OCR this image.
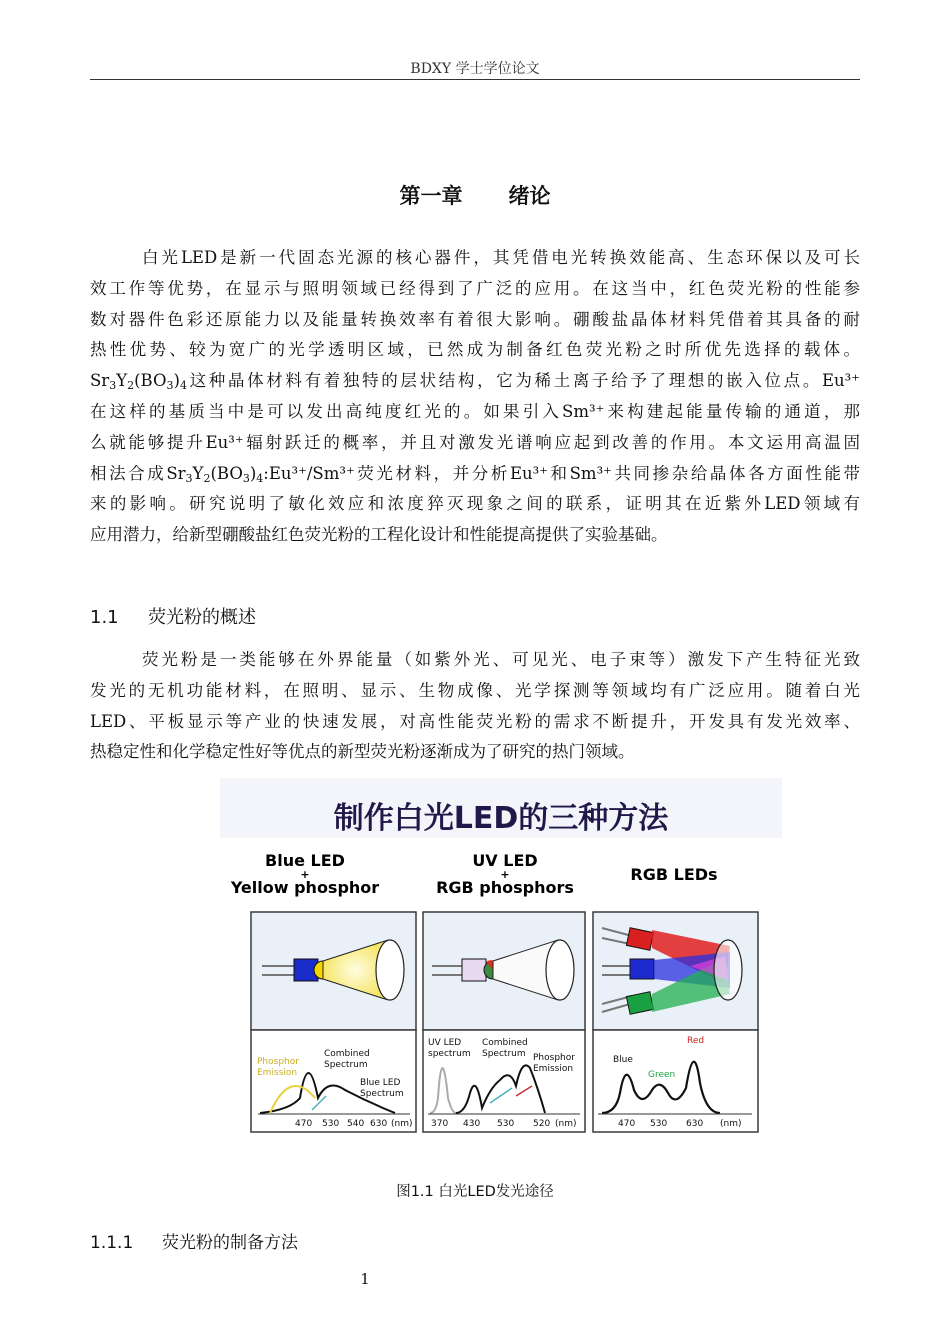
BDXY 学士学位论文
第一章 绪论
白光LED是新一代固态光源的核心器件，其凭借电光转换效能高、生态环保以及可长
效工作等优势，在显示与照明领域已经得到了广泛的应用。在这当中，红色荧光粉的性能参
数对器件色彩还原能力以及能量转换效率有着很大影响。硼酸盐晶体材料凭借着其具备的耐
热性优势、较为宽广的光学透明区域，已然成为制备红色荧光粉之时所优先选择的载体。
$Sr_3Y_2(BO_3)_4$这种晶体材料有着独特的层状结构，它为稀土离子给予了理想的嵌入位点。Eu³⁺
在这样的基质当中是可以发出高纯度红光的。如果引入Sm³⁺来构建起能量传输的通道，那
么就能够提升Eu³⁺辐射跃迁的概率，并且对激发光谱响应起到改善的作用。本文运用高温固
相法合成$Sr_3Y_2(BO_3)_4:Eu^{3+}/Sm^{3+}$荧光材料，并分析Eu³⁺和Sm³⁺共同掺杂给晶体各方面性能带
来的影响。研究说明了敏化效应和浓度猝灭现象之间的联系，证明其在近紫外LED领域有
应用潜力，给新型硼酸盐红色荧光粉的工程化设计和性能提高提供了实验基础。
1.1 荧光粉的概述
荧光粉是一类能够在外界能量（如紫外光、可见光、电子束等）激发下产生特征光致
发光的无机功能材料，在照明、显示、生物成像、光学探测等领域均有广泛应用。随着白光
LED、平板显示等产业的快速发展，对高性能荧光粉的需求不断提升，开发具有发光效率、
热稳定性和化学稳定性好等优点的新型荧光粉逐渐成为了研究的热门领域。
制作白光LED的三种方法
Blue LED
+
Yellow phosphor
UV LED
+
RGB phosphors
RGB LEDs
Phosphor
Emission
Combined
Spectrum
Blue LED
Spectrum
470 530 540 630 (nm)
UV LED
spectrum
Combined
Spectrum Phosphor
Emission
370 430 530 520 (nm)
Blue
Green
Red
470 530 630 (nm)
图1.1 白光LED发光途径
1.1.1 荧光粉的制备方法
1
